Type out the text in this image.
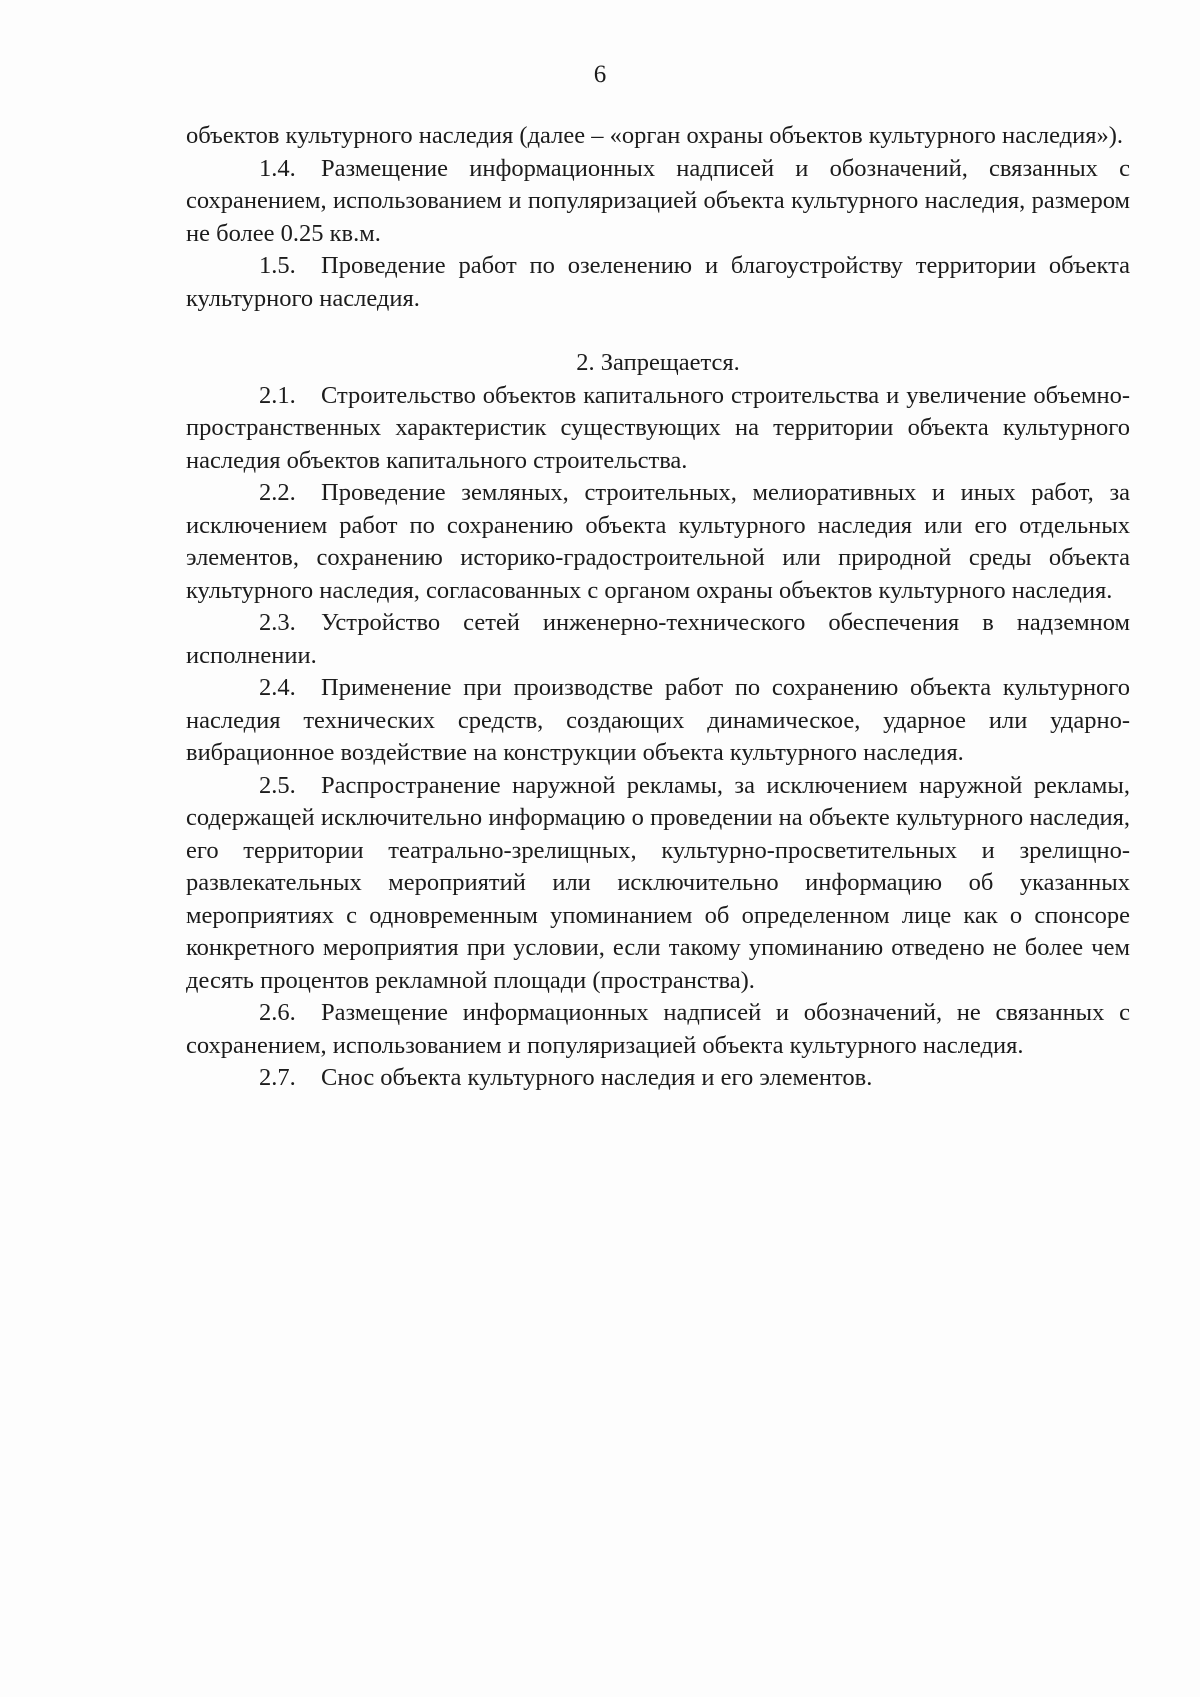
6

объектов культурного наследия (далее – «орган охраны объектов культурного наследия»).

1.4. Размещение информационных надписей и обозначений, связанных с сохранением, использованием и популяризацией объекта культурного наследия, размером не более 0.25 кв.м.

1.5. Проведение работ по озеленению и благоустройству территории объекта культурного наследия.

2. Запрещается.

2.1. Строительство объектов капитального строительства и увеличение объемно-пространственных характеристик существующих на территории объекта культурного наследия объектов капитального строительства.

2.2. Проведение земляных, строительных, мелиоративных и иных работ, за исключением работ по сохранению объекта культурного наследия или его отдельных элементов, сохранению историко-градостроительной или природной среды объекта культурного наследия, согласованных с органом охраны объектов культурного наследия.

2.3. Устройство сетей инженерно-технического обеспечения в надземном исполнении.

2.4. Применение при производстве работ по сохранению объекта культурного наследия технических средств, создающих динамическое, ударное или ударно-вибрационное воздействие на конструкции объекта культурного наследия.

2.5. Распространение наружной рекламы, за исключением наружной рекламы, содержащей исключительно информацию о проведении на объекте культурного наследия, его территории театрально-зрелищных, культурно-просветительных и зрелищно-развлекательных мероприятий или исключительно информацию об указанных мероприятиях с одновременным упоминанием об определенном лице как о спонсоре конкретного мероприятия при условии, если такому упоминанию отведено не более чем десять процентов рекламной площади (пространства).

2.6. Размещение информационных надписей и обозначений, не связанных с сохранением, использованием и популяризацией объекта культурного наследия.

2.7. Снос объекта культурного наследия и его элементов.
